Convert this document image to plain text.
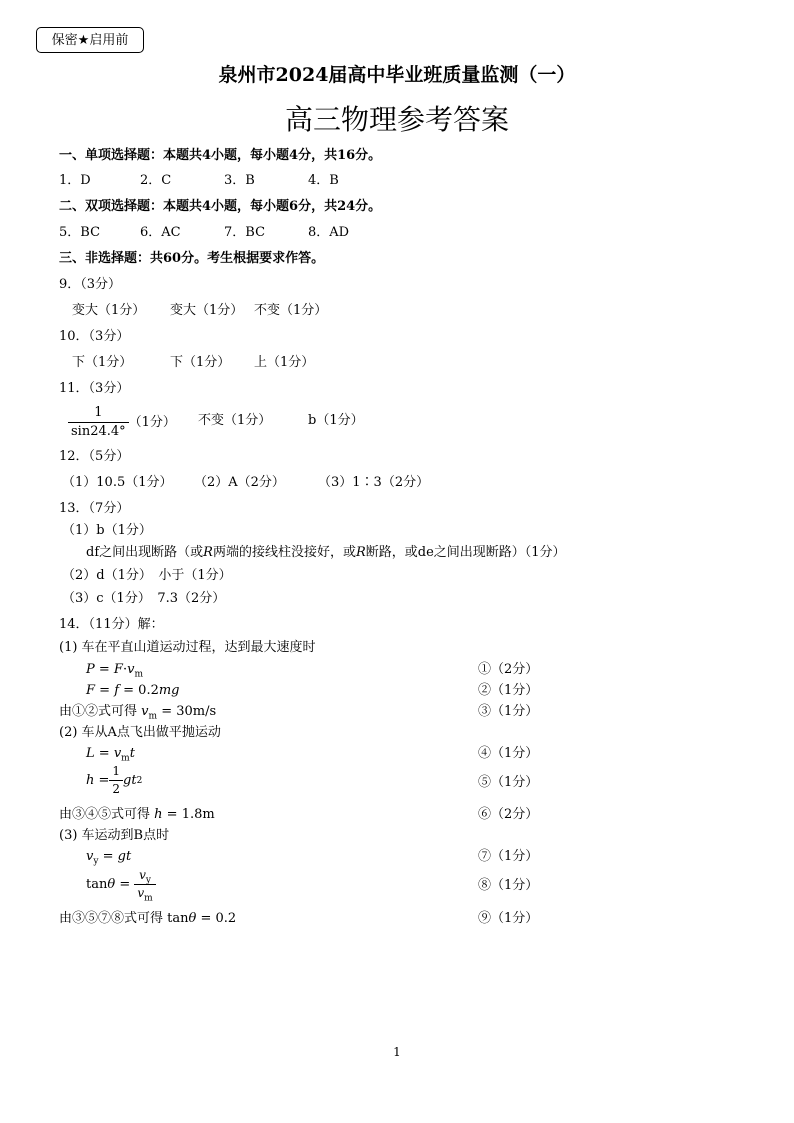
保密★启用前
泉州市2024届高中毕业班质量监测（一）
高三物理参考答案
一、单项选择题：本题共4小题，每小题4分，共16分。
1．D	2．C	3．B	4．B
二、双项选择题：本题共4小题，每小题6分，共24分。
5．BC	6．AC	7．BC	8．AD
三、非选择题：共60分。考生根据要求作答。
9．（3分）
变大（1分） 变大（1分） 不变（1分）
10．（3分）
下（1分）	下（1分） 上（1分）
11．（3分）
$\frac{1}{\sin 24.4^\circ} (1$分） 不变（1分）	b（1分）
12．（5分）
（1）10.5（1分） （2）A（2分）	（3）1∶3（2分）
13．（7分）
（1）b（1分）
df之间出现断路（或R两端的接线柱没接好，或R断路，或de之间出现断路）（1分）
（2）d（1分）　小于（1分）
（3）c（1分）　7.3（2分）
14．（11分）解：
(1) 车在平直山道运动过程，达到最大速度时
$P = F\cdot v_m$	①（2分）
F = f = 0.2mg	②（1分）
由①②式可得 $v_m = 30m/s$	③（1分）
(2) 车从A点飞出做平抛运动
$L = v_mt$	④（1分）
$h = \frac{1}{2}$ gt 2	⑤（1分）
由③④⑤式可得 h = 1.8m	⑥（2分）
(3) 车运动到B点时
$v_y$ = gt	⑦（1分）
$\tan \theta = \frac{v_y}{v_m}$	⑧（1分）
由③⑤⑦⑧式可得 tanθ = 0.2	⑨（1分）
1
